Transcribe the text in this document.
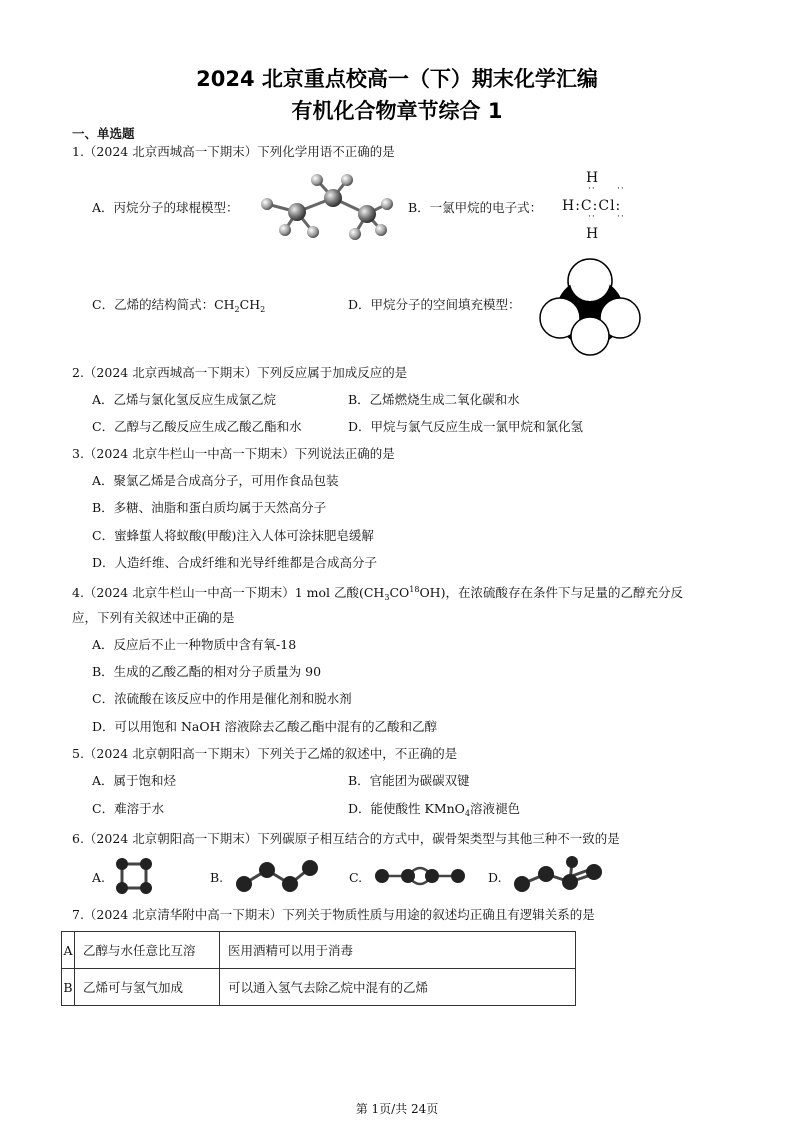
2024 北京重点校高一（下）期末化学汇编
有机化合物章节综合 1
一、单选题
1.（2024 北京西城高一下期末）下列化学用语不正确的是
A．丙烷分子的球棍模型：	B．一氯甲烷的电子式：
H
·· ··
H:C:Cl:
·· ··
H
C．乙烯的结构简式：$CH_2CH_2$	D．甲烷分子的空间填充模型：
2.（2024 北京西城高一下期末）下列反应属于加成反应的是
A．乙烯与氯化氢反应生成氯乙烷	B．乙烯燃烧生成二氧化碳和水
C．乙醇与乙酸反应生成乙酸乙酯和水	D．甲烷与氯气反应生成一氯甲烷和氯化氢
3.（2024 北京牛栏山一中高一下期末）下列说法正确的是
A．聚氯乙烯是合成高分子，可用作食品包装
B．多糖、油脂和蛋白质均属于天然高分子
C．蜜蜂蜇人将蚁酸(甲酸)注入人体可涂抹肥皂缓解
D．人造纤维、合成纤维和光导纤维都是合成高分子
4.（2024 北京牛栏山一中高一下期末）1 mol 乙酸$(CH_3CO^{18}OH)$，在浓硫酸存在条件下与足量的乙醇充分反
应，下列有关叙述中正确的是
A．反应后不止一种物质中含有氧-18
B．生成的乙酸乙酯的相对分子质量为 90
C．浓硫酸在该反应中的作用是催化剂和脱水剂
D．可以用饱和 NaOH 溶液除去乙酸乙酯中混有的乙酸和乙醇
5.（2024 北京朝阳高一下期末）下列关于乙烯的叙述中，不正确的是
A．属于饱和烃	B．官能团为碳碳双键
C．难溶于水	D．能使酸性 KMnO$_4$溶液褪色
6.（2024 北京朝阳高一下期末）下列碳原子相互结合的方式中，碳骨架类型与其他三种不一致的是
A.	B.	C.	D.
7.（2024 北京清华附中高一下期末）下列关于物质性质与用途的叙述均正确且有逻辑关系的是
A	乙醇与水任意比互溶	医用酒精可以用于消毒
B	乙烯可与氢气加成	可以通入氢气去除乙烷中混有的乙烯
第 1页/共 24页
